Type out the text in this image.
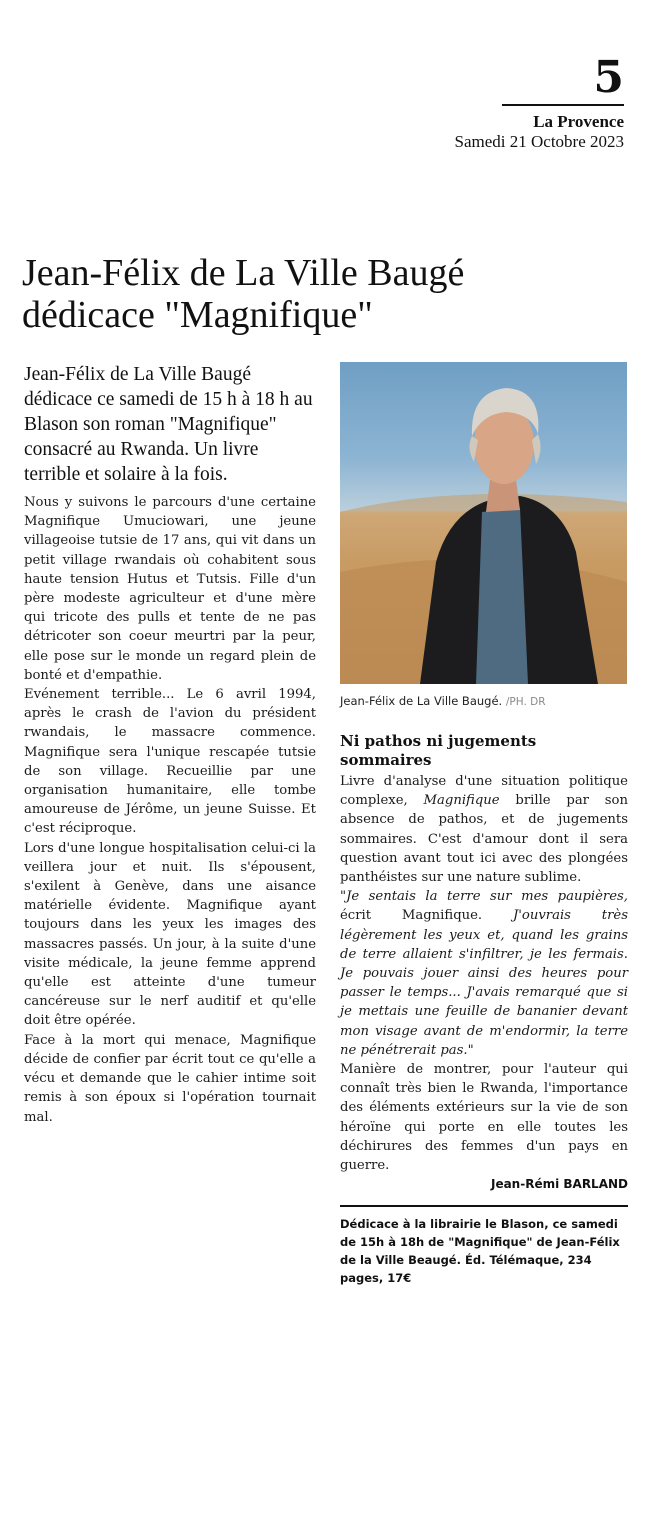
5
La Provence
Samedi 21 Octobre 2023
Jean-Félix de La Ville Baugé
dédicace "Magnifique"

Jean-Félix de La Ville Baugé dédicace ce samedi de 15 h à 18 h au Blason son roman "Magnifique" consacré au Rwanda. Un livre terrible et solaire à la fois.

Nous y suivons le parcours d'une certaine Magnifique Umuciowari, une jeune villageoise tutsie de 17 ans, qui vit dans un petit village rwandais où cohabitent sous haute tension Hutus et Tutsis. Fille d'un père modeste agriculteur et d'une mère qui tricote des pulls et tente de ne pas détricoter son coeur meurtri par la peur, elle pose sur le monde un regard plein de bonté et d'empathie.

Evénement terrible... Le 6 avril 1994, après le crash de l'avion du président rwandais, le massacre commence. Magnifique sera l'unique rescapée tutsie de son village. Recueillie par une organisation humanitaire, elle tombe amoureuse de Jérôme, un jeune Suisse. Et c'est réciproque.

Lors d'une longue hospitalisation celui-ci la veillera jour et nuit. Ils s'épousent, s'exilent à Genève, dans une aisance matérielle évidente. Magnifique ayant toujours dans les yeux les images des massacres passés. Un jour, à la suite d'une visite médicale, la jeune femme apprend qu'elle est atteinte d'une tumeur cancéreuse sur le nerf auditif et qu'elle doit être opérée.

Face à la mort qui menace, Magnifique décide de confier par écrit tout ce qu'elle a vécu et demande que le cahier intime soit remis à son époux si l'opération tournait mal.

Jean-Félix de La Ville Baugé. /PH. DR
Ni pathos ni jugements sommaires

Livre d'analyse d'une situation politique complexe, Magnifique brille par son absence de pathos, et de jugements sommaires. C'est d'amour dont il sera question avant tout ici avec des plongées panthéistes sur une nature sublime.

"Je sentais la terre sur mes paupières, écrit Magnifique. J'ouvrais très légèrement les yeux et, quand les grains de terre allaient s'infiltrer, je les fermais. Je pouvais jouer ainsi des heures pour passer le temps... J'avais remarqué que si je mettais une feuille de bananier devant mon visage avant de m'endormir, la terre ne pénétrerait pas."

Manière de montrer, pour l'auteur qui connaît très bien le Rwanda, l'importance des éléments extérieurs sur la vie de son héroïne qui porte en elle toutes les déchirures des femmes d'un pays en guerre.

Jean-Rémi BARLAND

Dédicace à la librairie le Blason, ce samedi de 15h à 18h de "Magnifique" de Jean-Félix de la Ville Beaugé. Éd. Télémaque, 234 pages, 17€
